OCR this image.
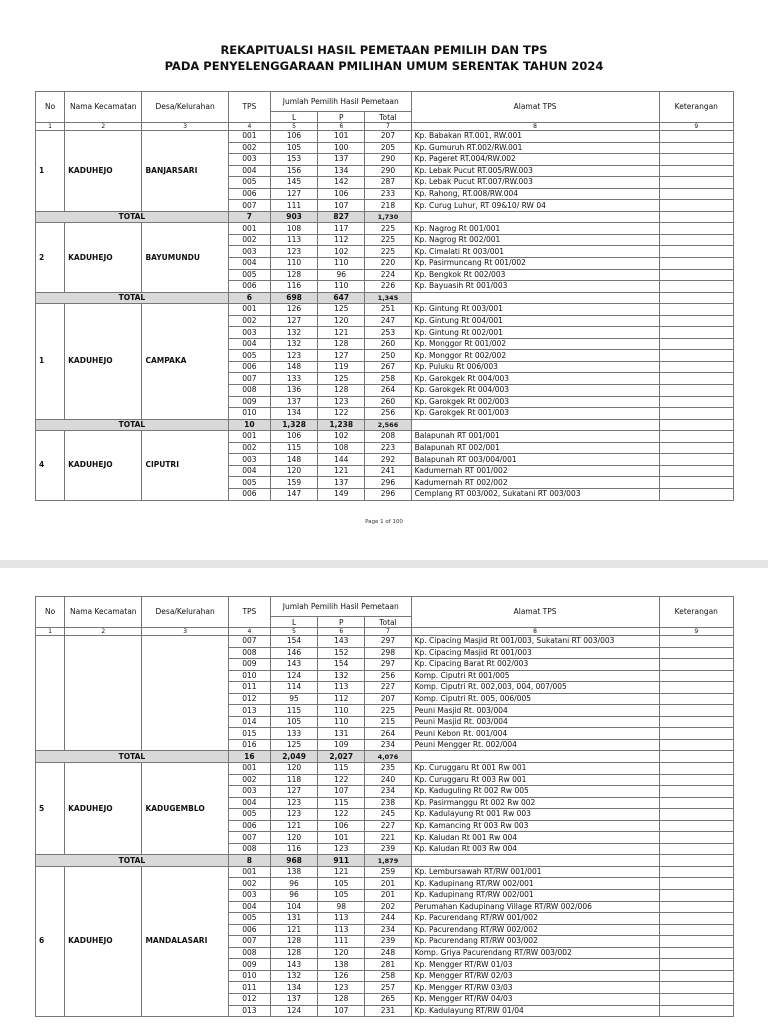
REKAPITUALSI HASIL PEMETAAN PEMILIH DAN TPS
PADA PENYELENGGARAAN PMILIHAN UMUM SERENTAK TAHUN 2024
No	Nama Kecamatan	Desa/Kelurahan	TPS	Jumlah Pemilih Hasil Pemetaan			Alamat TPS	Keterangan
				L	P	Total		
1	2	3	4	5	6	7	8	9
1	KADUHEJO	BANJARSARI	001	106	101	207	Kp. Babakan RT.001, RW.001	
			002	105	100	205	Kp. Gumuruh RT.002/RW.001	
			003	153	137	290	Kp. Pageret RT.004/RW.002	
			004	156	134	290	Kp. Lebak Pucut RT.005/RW.003	
			005	145	142	287	Kp. Lebak Pucut RT.007/RW.003	
			006	127	106	233	Kp. Rahong, RT.008/RW.004	
			007	111	107	218	Kp. Curug Luhur, RT 09&10/ RW 04	
TOTAL			7	903	827	1,730		
2	KADUHEJO	BAYUMUNDU	001	108	117	225	Kp. Nagrog Rt 001/001	
			002	113	112	225	Kp. Nagrog Rt 002/001	
			003	123	102	225	Kp. Cimalati Rt 003/001	
			004	110	110	220	Kp. Pasirmuncang Rt 001/002	
			005	128	96	224	Kp. Bengkok Rt 002/003	
			006	116	110	226	Kp. Bayuasih Rt 001/003	
TOTAL			6	698	647	1,345		
1	KADUHEJO	CAMPAKA	001	126	125	251	Kp. Gintung Rt 003/001	
			002	127	120	247	Kp. Gintung Rt 004/001	
			003	132	121	253	Kp. Gintung Rt 002/001	
			004	132	128	260	Kp. Monggor Rt 001/002	
			005	123	127	250	Kp. Monggor Rt 002/002	
			006	148	119	267	Kp. Puluku Rt 006/003	
			007	133	125	258	Kp. Garokgek Rt 004/003	
			008	136	128	264	Kp. Garokgek Rt 004/003	
			009	137	123	260	Kp. Garokgek Rt 002/003	
			010	134	122	256	Kp. Garokgek Rt 001/003	
TOTAL			10	1,328	1,238	2,566		
4	KADUHEJO	CIPUTRI	001	106	102	208	Balapunah RT 001/001	
			002	115	108	223	Balapunah RT 002/001	
			003	148	144	292	Balapunah RT 003/004/001	
			004	120	121	241	Kadumernah RT 001/002	
			005	159	137	296	Kadumernah RT 002/002	
			006	147	149	296	Cemplang RT 003/002, Sukatani RT 003/003	
Page 1 of 100
No	Nama Kecamatan	Desa/Kelurahan	TPS	Jumlah Pemilih Hasil Pemetaan			Alamat TPS	Keterangan
				L	P	Total		
1	2	3	4	5	6	7	8	9
			007	154	143	297	Kp. Cipacing Masjid Rt 001/003, Sukatani RT 003/003	
			008	146	152	298	Kp. Cipacing Masjid Rt 001/003	
			009	143	154	297	Kp. Cipacing Barat Rt 002/003	
			010	124	132	256	Komp. Ciputri Rt 001/005	
			011	114	113	227	Komp. Ciputri Rt. 002,003, 004, 007/005	
			012	95	112	207	Komp. Ciputri Rt. 005, 006/005	
			013	115	110	225	Peuni Masjid Rt. 003/004	
			014	105	110	215	Peuni Masjid Rt. 003/004	
			015	133	131	264	Peuni Kebon Rt. 001/004	
			016	125	109	234	Peuni Mengger Rt. 002/004	
TOTAL			16	2,049	2,027	4,076		
5	KADUHEJO	KADUGEMBLO	001	120	115	235	Kp. Curuggaru Rt 001 Rw 001	
			002	118	122	240	Kp. Curuggaru Rt 003 Rw 001	
			003	127	107	234	Kp. Kaduguling Rt 002 Rw 005	
			004	123	115	238	Kp. Pasirmanggu Rt 002 Rw 002	
			005	123	122	245	Kp. Kadulayung Rt 001 Rw 003	
			006	121	106	227	Kp. Kamancing Rt 003 Rw 003	
			007	120	101	221	Kp. Kaludan Rt 001 Rw 004	
			008	116	123	239	Kp. Kaludan Rt 003 Rw 004	
TOTAL			8	968	911	1,879		
6	KADUHEJO	MANDALASARI	001	138	121	259	Kp. Lembursawah RT/RW 001/001	
			002	96	105	201	Kp. Kadupinang RT/RW 002/001	
			003	96	105	201	Kp. Kadupinang RT/RW 002/001	
			004	104	98	202	Perumahan Kadupinang Village RT/RW 002/006	
			005	131	113	244	Kp. Pacurendang RT/RW 001/002	
			006	121	113	234	Kp. Pacurendang RT/RW 002/002	
			007	128	111	239	Kp. Pacurendang RT/RW 003/002	
			008	128	120	248	Komp. Griya Pacurendang RT/RW 003/002	
			009	143	138	281	Kp. Mengger RT/RW 01/03	
			010	132	126	258	Kp. Mengger RT/RW 02/03	
			011	134	123	257	Kp. Mengger RT/RW 03/03	
			012	137	128	265	Kp. Mengger RT/RW 04/03	
			013	124	107	231	Kp. Kadulayung RT/RW 01/04	
